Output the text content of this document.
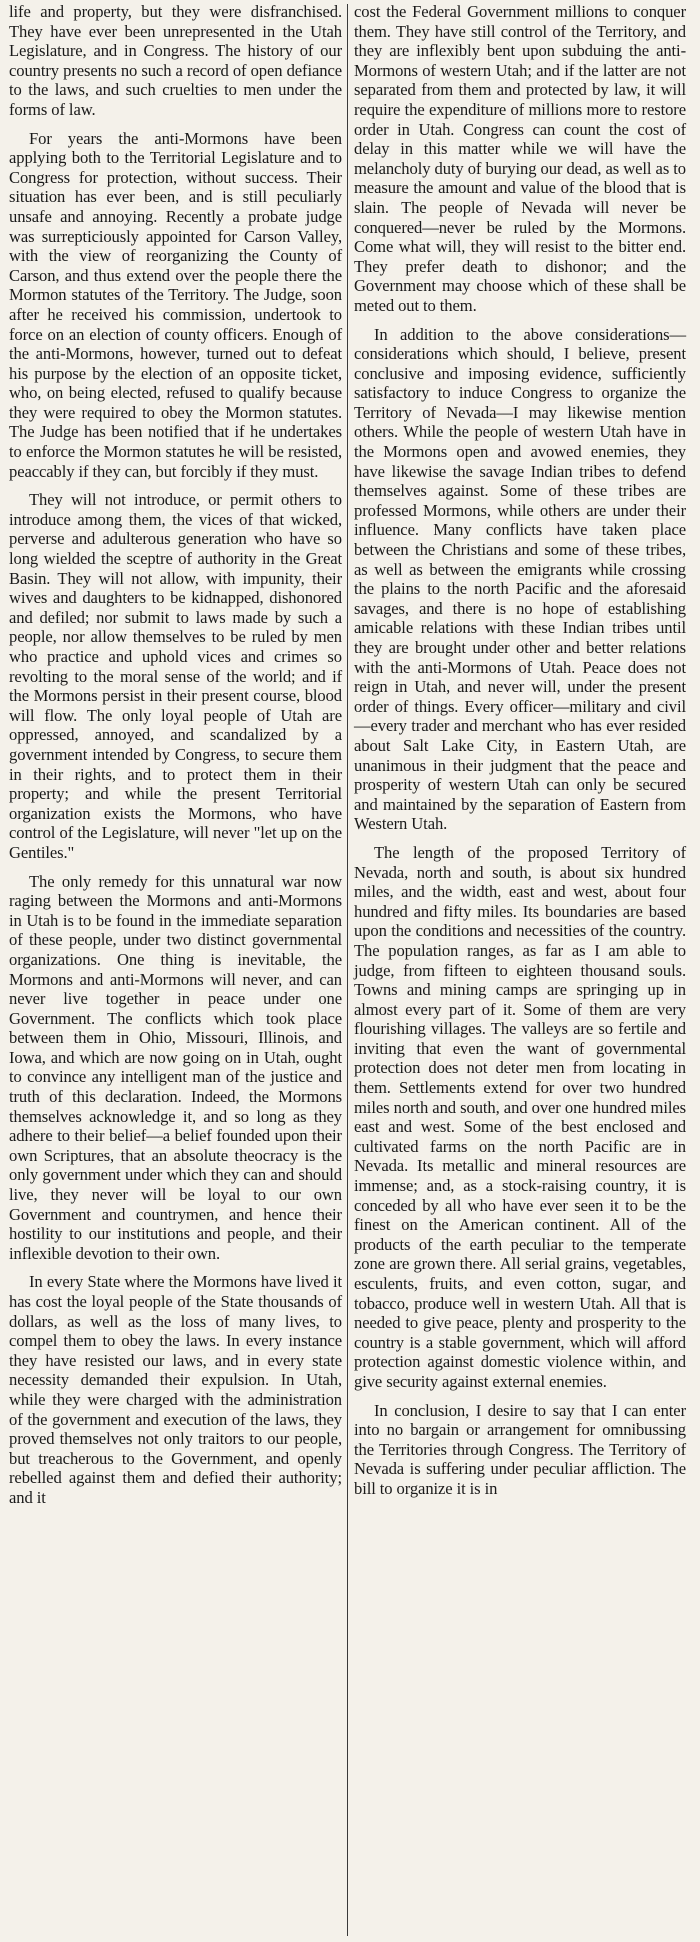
life and property, but they were disfranchised. They have ever been unrepresented in the Utah Legislature, and in Congress. The history of our country presents no such a record of open defiance to the laws, and such cruelties to men under the forms of law.

For years the anti-Mormons have been applying both to the Territorial Legislature and to Congress for protection, without success. Their situation has ever been, and is still peculiarly unsafe and annoying. Recently a probate judge was surrepticiously appointed for Carson Valley, with the view of reorganizing the County of Carson, and thus extend over the people there the Mormon statutes of the Territory. The Judge, soon after he received his commission, undertook to force on an election of county officers. Enough of the anti-Mormons, however, turned out to defeat his purpose by the election of an opposite ticket, who, on being elected, refused to qualify because they were required to obey the Mormon statutes. The Judge has been notified that if he undertakes to enforce the Mormon statutes he will be resisted, peaccably if they can, but forcibly if they must.

They will not introduce, or permit others to introduce among them, the vices of that wicked, perverse and adulterous generation who have so long wielded the sceptre of authority in the Great Basin. They will not allow, with impunity, their wives and daughters to be kidnapped, dishonored and defiled; nor submit to laws made by such a people, nor allow themselves to be ruled by men who practice and uphold vices and crimes so revolting to the moral sense of the world; and if the Mormons persist in their present course, blood will flow. The only loyal people of Utah are oppressed, annoyed, and scandalized by a government intended by Congress, to secure them in their rights, and to protect them in their property; and while the present Territorial organization exists the Mormons, who have control of the Legislature, will never "let up on the Gentiles."

The only remedy for this unnatural war now raging between the Mormons and anti-Mormons in Utah is to be found in the immediate separation of these people, under two distinct governmental organizations. One thing is inevitable, the Mormons and anti-Mormons will never, and can never live together in peace under one Government. The conflicts which took place between them in Ohio, Missouri, Illinois, and Iowa, and which are now going on in Utah, ought to convince any intelligent man of the justice and truth of this declaration. Indeed, the Mormons themselves acknowledge it, and so long as they adhere to their belief—a belief founded upon their own Scriptures, that an absolute theocracy is the only government under which they can and should live, they never will be loyal to our own Government and countrymen, and hence their hostility to our institutions and people, and their inflexible devotion to their own.

In every State where the Mormons have lived it has cost the loyal people of the State thousands of dollars, as well as the loss of many lives, to compel them to obey the laws. In every instance they have resisted our laws, and in every state necessity demanded their expulsion. In Utah, while they were charged with the administration of the government and execution of the laws, they proved themselves not only traitors to our people, but treacherous to the Government, and openly rebelled against them and defied their authority; and it

cost the Federal Government millions to conquer them. They have still control of the Territory, and they are inflexibly bent upon subduing the anti-Mormons of western Utah; and if the latter are not separated from them and protected by law, it will require the expenditure of millions more to restore order in Utah. Congress can count the cost of delay in this matter while we will have the melancholy duty of burying our dead, as well as to measure the amount and value of the blood that is slain. The people of Nevada will never be conquered—never be ruled by the Mormons. Come what will, they will resist to the bitter end. They prefer death to dishonor; and the Government may choose which of these shall be meted out to them.

In addition to the above considerations—considerations which should, I believe, present conclusive and imposing evidence, sufficiently satisfactory to induce Congress to organize the Territory of Nevada—I may likewise mention others. While the people of western Utah have in the Mormons open and avowed enemies, they have likewise the savage Indian tribes to defend themselves against. Some of these tribes are professed Mormons, while others are under their influence. Many conflicts have taken place between the Christians and some of these tribes, as well as between the emigrants while crossing the plains to the north Pacific and the aforesaid savages, and there is no hope of establishing amicable relations with these Indian tribes until they are brought under other and better relations with the anti-Mormons of Utah. Peace does not reign in Utah, and never will, under the present order of things. Every officer—military and civil—every trader and merchant who has ever resided about Salt Lake City, in Eastern Utah, are unanimous in their judgment that the peace and prosperity of western Utah can only be secured and maintained by the separation of Eastern from Western Utah.

The length of the proposed Territory of Nevada, north and south, is about six hundred miles, and the width, east and west, about four hundred and fifty miles. Its boundaries are based upon the conditions and necessities of the country. The population ranges, as far as I am able to judge, from fifteen to eighteen thousand souls. Towns and mining camps are springing up in almost every part of it. Some of them are very flourishing villages. The valleys are so fertile and inviting that even the want of governmental protection does not deter men from locating in them. Settlements extend for over two hundred miles north and south, and over one hundred miles east and west. Some of the best enclosed and cultivated farms on the north Pacific are in Nevada. Its metallic and mineral resources are immense; and, as a stock-raising country, it is conceded by all who have ever seen it to be the finest on the American continent. All of the products of the earth peculiar to the temperate zone are grown there. All serial grains, vegetables, esculents, fruits, and even cotton, sugar, and tobacco, produce well in western Utah. All that is needed to give peace, plenty and prosperity to the country is a stable government, which will afford protection against domestic violence within, and give security against external enemies.

In conclusion, I desire to say that I can enter into no bargain or arrangement for omnibussing the Territories through Congress. The Territory of Nevada is suffering under peculiar affliction. The bill to organize it is in
